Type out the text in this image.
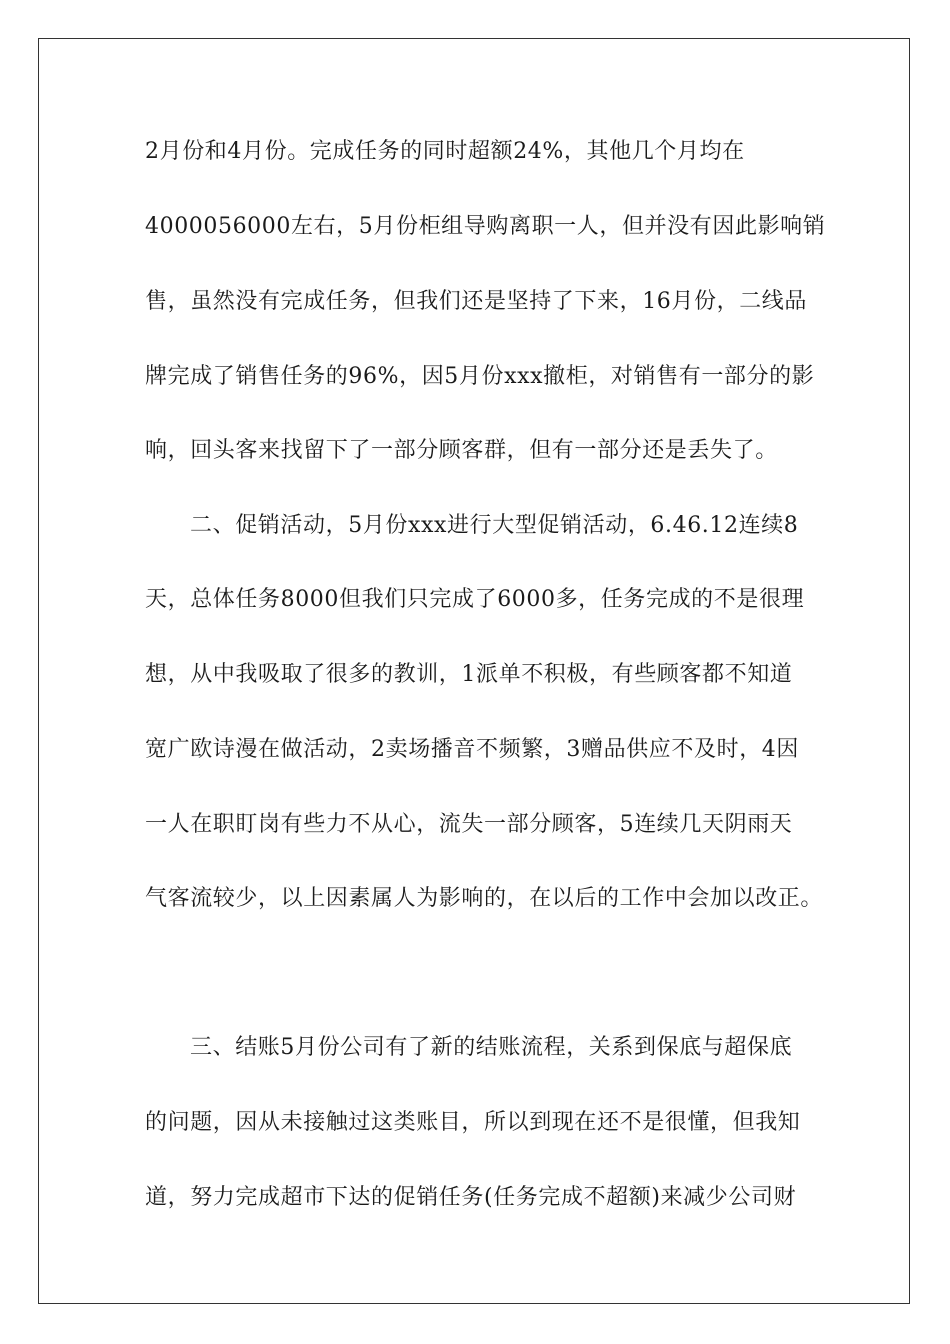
2月份和4月份。完成任务的同时超额24%，其他几个月均在
4000056000左右，5月份柜组导购离职一人，但并没有因此影响销
售，虽然没有完成任务，但我们还是坚持了下来，16月份，二线品
牌完成了销售任务的96%，因5月份xxx撤柜，对销售有一部分的影
响，回头客来找留下了一部分顾客群，但有一部分还是丢失了。
二、促销活动，5月份xxx进行大型促销活动，6.46.12连续8
天，总体任务8000但我们只完成了6000多，任务完成的不是很理
想，从中我吸取了很多的教训，1派单不积极，有些顾客都不知道
宽广欧诗漫在做活动，2卖场播音不频繁，3赠品供应不及时，4因
一人在职盯岗有些力不从心，流失一部分顾客，5连续几天阴雨天
气客流较少，以上因素属人为影响的，在以后的工作中会加以改正。
三、结账5月份公司有了新的结账流程，关系到保底与超保底
的问题，因从未接触过这类账目，所以到现在还不是很懂，但我知
道，努力完成超市下达的促销任务(任务完成不超额)来减少公司财
